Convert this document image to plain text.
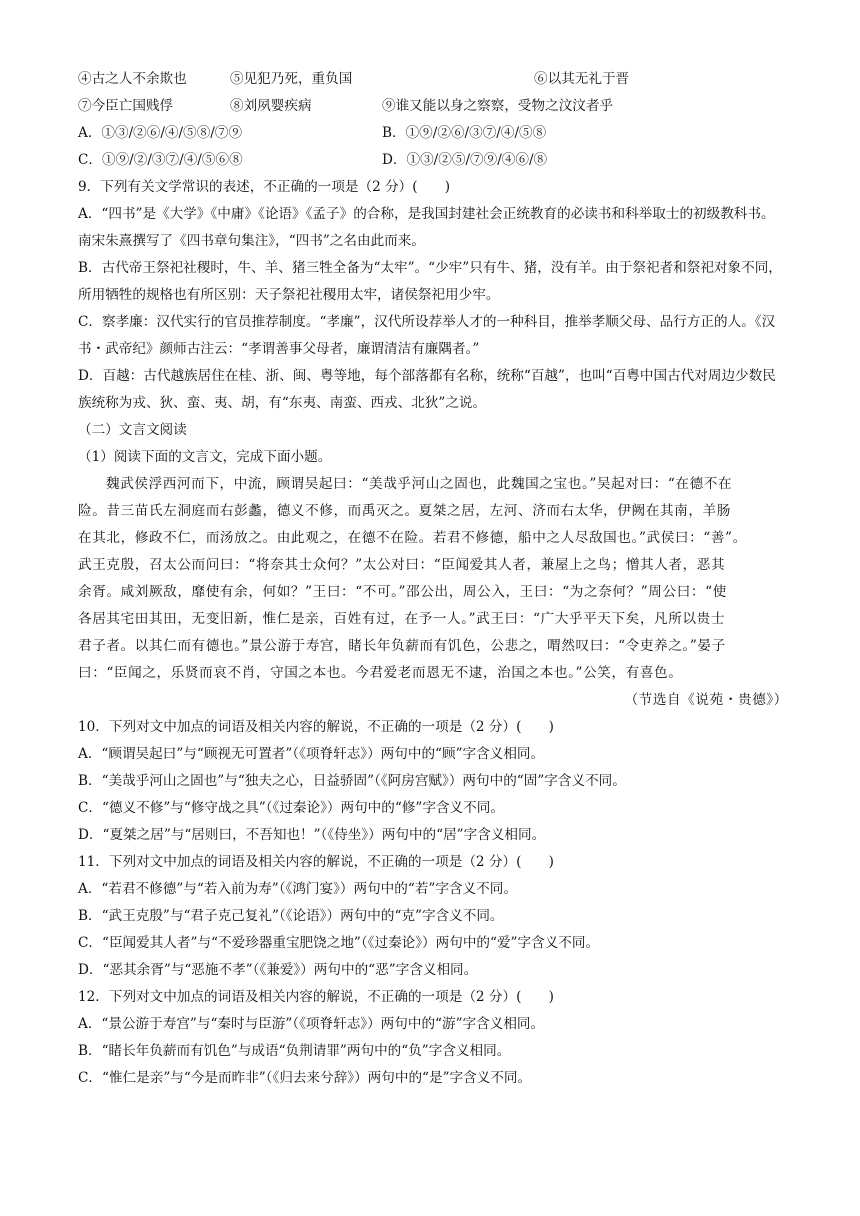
④古之人不余欺也	⑤见犯乃死，重负国	⑥以其无礼于晋
⑦今臣亡国贱俘	⑧刘夙婴疾病	⑨谁又能以身之察察，受物之汶汶者乎
A．①③/②⑥/④/⑤⑧/⑦⑨	B．①⑨/②⑥/③⑦/④/⑤⑧
C．①⑨/②/③⑦/④/⑤⑥⑧	D．①③/②⑤/⑦⑨/④⑥/⑧
9．下列有关文学常识的表述，不正确的一项是（2 分）(　　)
A．“四书”是《大学》《中庸》《论语》《孟子》的合称，是我国封建社会正统教育的必读书和科举取士的初级教科书。南宋朱熹撰写了《四书章句集注》，“四书”之名由此而来。
B．古代帝王祭祀社稷时，牛、羊、猪三牲全备为“太牢”。“少牢”只有牛、猪，没有羊。由于祭祀者和祭祀对象不同，所用牺牲的规格也有所区别：天子祭祀社稷用太牢，诸侯祭祀用少牢。
C．察孝廉：汉代实行的官员推荐制度。“孝廉”，汉代所设荐举人才的一种科目，推举孝顺父母、品行方正的人。《汉书・武帝纪》颜师古注云：“孝谓善事父母者，廉谓清洁有廉隅者。”
D．百越：古代越族居住在桂、浙、闽、粤等地，每个部落都有名称，统称“百越”，也叫“百粤中国古代对周边少数民族统称为戎、狄、蛮、夷、胡，有“东夷、南蛮、西戎、北狄”之说。
（二）文言文阅读
（1）阅读下面的文言文，完成下面小题。
魏武侯浮西河而下，中流，顾谓吴起曰：“美哉乎河山之固也，此魏国之宝也。”吴起对曰：“在德不在
险。昔三苗氏左洞庭而右彭蠡，德义不修，而禹灭之。夏桀之居，左河、济而右太华，伊阙在其南，羊肠
在其北，修政不仁，而汤放之。由此观之，在德不在险。若君不修德，船中之人尽敌国也。”武侯曰：“善”。
武王克殷，召太公而问曰：“将奈其士众何？”太公对曰：“臣闻爱其人者，兼屋上之鸟；憎其人者，恶其
余胥。咸刘厥敌，靡使有余，何如？”王曰：“不可。”邵公出，周公入，王曰：“为之奈何？”周公曰：“使
各居其宅田其田，无变旧新，惟仁是亲，百姓有过，在予一人。”武王曰：“广大乎平天下矣，凡所以贵士
君子者。以其仁而有德也。”景公游于寿宫，睹长年负薪而有饥色，公悲之，喟然叹曰：“令吏养之。”晏子
曰：“臣闻之，乐贤而哀不肖，守国之本也。今君爱老而恩无不逮，治国之本也。”公笑，有喜色。
（节选自《说苑・贵德》）
10．下列对文中加点的词语及相关内容的解说，不正确的一项是（2 分）(　　)
A．“顾谓吴起曰”与“顾视无可置者”（《项脊轩志》）两句中的“顾”字含义相同。
B．“美哉乎河山之固也”与“独夫之心，日益骄固”（《阿房宫赋》）两句中的“固”字含义不同。
C．“德义不修”与“修守战之具”（《过秦论》）两句中的“修”字含义不同。
D．“夏桀之居”与“居则曰，不吾知也！”（《侍坐》）两句中的“居”字含义相同。
11．下列对文中加点的词语及相关内容的解说，不正确的一项是（2 分）(　　)
A．“若君不修德”与“若入前为寿”（《鸿门宴》）两句中的“若”字含义不同。
B．“武王克殷”与“君子克己复礼”（《论语》）两句中的“克”字含义不同。
C．“臣闻爱其人者”与“不爱珍器重宝肥饶之地”（《过秦论》）两句中的“爱”字含义不同。
D．“恶其余胥”与“恶施不孝”（《兼爱》）两句中的“恶”字含义相同。
12．下列对文中加点的词语及相关内容的解说，不正确的一项是（2 分）(　　)
A．“景公游于寿宫”与“秦时与臣游”（《项脊轩志》）两句中的“游”字含义相同。
B．“睹长年负薪而有饥色”与成语“负荆请罪”两句中的“负”字含义相同。
C．“惟仁是亲”与“今是而昨非”（《归去来兮辞》）两句中的“是”字含义不同。
